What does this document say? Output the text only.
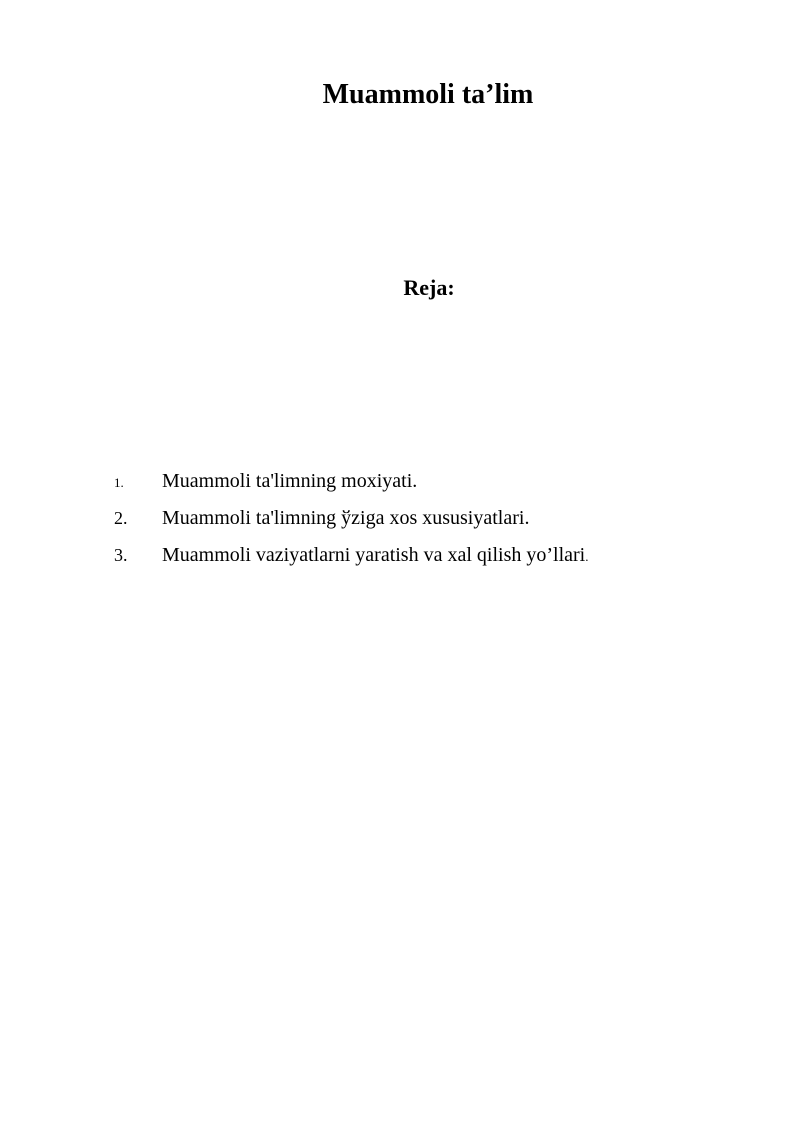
Muammoli ta’lim
Reja:
1. Muammoli ta'limning moxiyati.
2. Muammoli ta'limning ўziga xos xususiyatlari.
3. Muammoli vaziyatlarni yaratish va xal qilish yo’llari.
